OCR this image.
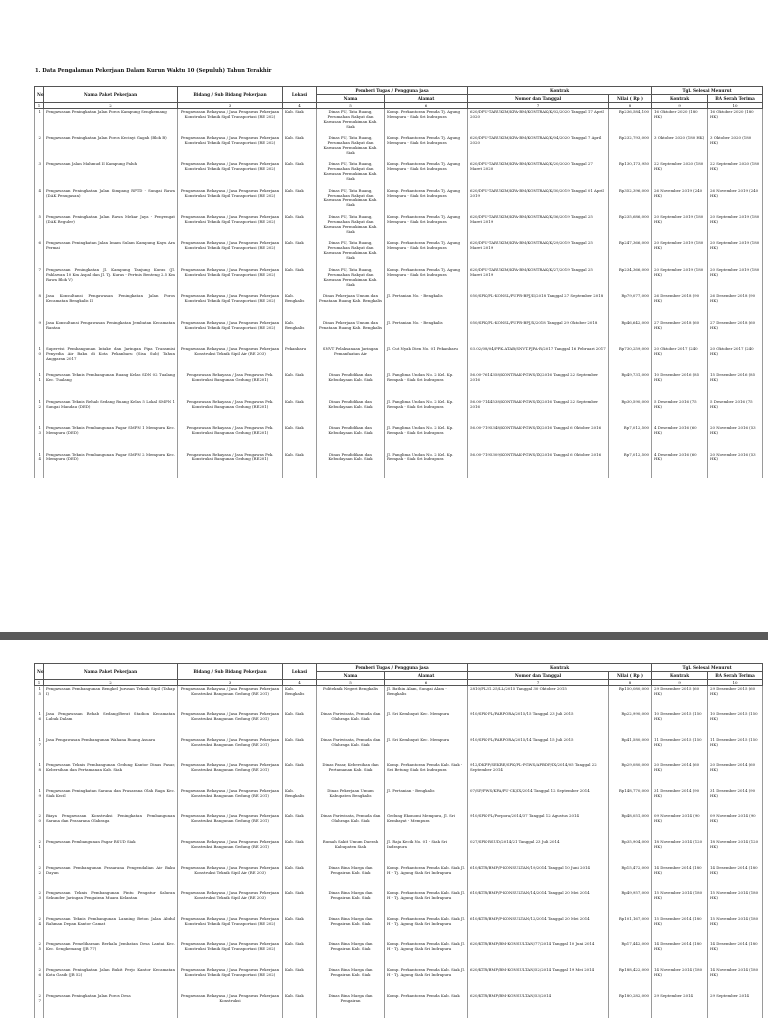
1. Data Pengalaman Pekerjaan Dalam Kurun Waktu 10 (Sepuluh) Tahun Terakhir
No	Nama Paket Pekerjaan	Bidang / Sub Bidang Pekerjaan	Lokasi	Pemberi Tugas / Pengguna jasa		Kontrak		Tgl. Selesai Menurut	
				Nama	Alamat	Nomor dan Tanggal	Nilai ( Rp )	Kontrak	BA Serah Terima
1	2	3	4	5	6	7	8	9	10
1	Pengawasan Peningkatan Jalan Poros Kampung Sengkemang	Pengawasan Rekayasa / Jasa Pengawas Pekerjaan Konstruksi Teknik Sipil Transportasi (RE 202)	Kab. Siak	Dinas PU, Tata Ruang, Perumahan Rakyat dan Kawasan Permukiman Kab. Siak	Komp. Perkantoran Pemda Tj. Agung Mempura - Siak Sri Indrapura	620/DPU-TARUKIM/KPA-BM/KONTRAK/K/02/2020 Tanggal 17 April 2020	Rp236,584,100	16 Oktober 2020 (180 HK)	16 Oktober 2020 (180 HK)
2	Pengawasan Peningkatan Jalan Poros Kecinyi Gagah (Blok B)	Pengawasan Rekayasa / Jasa Pengawas Pekerjaan Konstruksi Teknik Sipil Transportasi (RE 202)	Kab. Siak	Dinas PU, Tata Ruang, Perumahan Rakyat dan Kawasan Permukiman Kab. Siak	Komp. Perkantoran Pemda Tj. Agung Mempura - Siak Sri Indrapura	620/DPU-TARUKIM/KPA-BM/KONTRAK/K/04/2020 Tanggal 7 April 2020	Rp232,793,000	3 Oktober 2020 (180 HK)	3 Oktober 2020 (180 HK)
3	Pengawasan Jalan Mahmud II Kampung Paluh	Pengawasan Rekayasa / Jasa Pengawas Pekerjaan Konstruksi Teknik Sipil Transportasi (RE 202)	Kab. Siak	Dinas PU, Tata Ruang, Perumahan Rakyat dan Kawasan Permukiman Kab. Siak	Komp. Perkantoran Pemda Tj. Agung Mempura - Siak Sri Indrapura	620/DPU-TARUKIM/KPA-BM/KONTRAK/K/20/2020 Tanggal 27 Maret 2020	Rp130,173,950	22 September 2020 (180 HK)	22 September 2020 (180 HK)
4	Pengawasan Peningkatan Jalan Simpang RPTD - Sungai Rawa (DAK Penugasan)	Pengawasan Rekayasa / Jasa Pengawas Pekerjaan Konstruksi Teknik Sipil Transportasi (RE 202)	Kab. Siak	Dinas PU, Tata Ruang, Perumahan Rakyat dan Kawasan Permukiman Kab. Siak	Komp. Perkantoran Pemda Tj. Agung Mempura - Siak Sri Indrapura	620/DPU-TARUKIM/KPA-BM/KONTRAK/K/30/2019 Tanggal 01 April 2019	Rp352,396,000	26 November 2019 (240 HK)	26 November 2019 (240 HK)
5	Pengawasan Peningkatan Jalan Rawa Mekar Jaya - Penyengat (DAK Reguler)	Pengawasan Rekayasa / Jasa Pengawas Pekerjaan Konstruksi Teknik Sipil Transportasi (RE 202)	Kab. Siak	Dinas PU, Tata Ruang, Perumahan Rakyat dan Kawasan Permukiman Kab. Siak	Komp. Perkantoran Pemda Tj. Agung Mempura - Siak Sri Indrapura	620/DPU-TARUKIM/KPA-BM/KONTRAK/K/36/2019 Tanggal 25 Maret 2019	Rp235,686,000	20 September 2019 (180 HK)	20 September 2019 (180 HK)
6	Pengawasan Peningkatan Jalan Imam Sulam Kampung Kayu Ara Permai	Pengawasan Rekayasa / Jasa Pengawas Pekerjaan Konstruksi Teknik Sipil Transportasi (RE 202)	Kab. Siak	Dinas PU, Tata Ruang, Perumahan Rakyat dan Kawasan Permukiman Kab. Siak	Komp. Perkantoran Pemda Tj. Agung Mempura - Siak Sri Indrapura	620/DPU-TARUKIM/KPA-BM/KONTRAK/K/29/2019 Tanggal 25 Maret 2019	Rp247,366,000	20 September 2019 (180 HK)	20 September 2019 (180 HK)
7	Pengawasan Peningkatan Jl. Kampung Tanjung Kuras (Jl. Pahlawan 10 Km Aspal dan Jl. Tj. Kuras - Pertnis Benteng 2.5 Km Rawa Blok V)	Pengawasan Rekayasa / Jasa Pengawas Pekerjaan Konstruksi Teknik Sipil Transportasi (RE 202)	Kab. Siak	Dinas PU, Tata Ruang, Perumahan Rakyat dan Kawasan Permukiman Kab. Siak	Komp. Perkantoran Pemda Tj. Agung Mempura - Siak Sri Indrapura	620/DPU-TARUKIM/KPA-BM/KONTRAK/K/27/2019 Tanggal 25 Maret 2019	Rp234,366,000	20 September 2019 (180 HK)	20 September 2019 (180 HK)
8	Jasa Konsultansi Pengawasan Peningkatan Jalan Poros Kecamatan Bengkalis II	Pengawasan Rekayasa / Jasa Pengawas Pekerjaan Konstruksi Teknik Sipil Transportasi (RE 202)	Kab. Bengkalis	Dinas Pekerjaan Umum dan Penataan Ruang Kab. Bengkalis	Jl. Pertanian No. - Bengkalis	050/SPK/PL-KONSL/PUPR-BPJ/II/2018 Tanggal 27 September 2018	Rp79,077,000	26 Desember 2018 (90 HK)	26 Desember 2018 (90 HK)
9	Jasa Konsultansi Pengawasan Peningkatan Jembatan Kecamatan Rantau	Pengawasan Rekayasa / Jasa Pengawas Pekerjaan Konstruksi Teknik Sipil Transportasi (RE 202)	Kab. Bengkalis	Dinas Pekerjaan Umum dan Penataan Ruang Kab. Bengkalis	Jl. Pertanian No. - Bengkalis	050/SPK/PL-KONSL/PUPR-BPJ/X/2018 Tanggal 29 Oktober 2018	Rp46,642,000	27 Desember 2018 (60 HK)	27 Desember 2018 (60 HK)
10	Supervisi Pembangunan Intake dan Jaringan Pipa Transmisi Penyedia Air Baku di Kota Pekanbaru (Sisa Sub) Tahun Anggaran 2017	Pengawasan Rekayasa / Jasa Pengawas Pekerjaan Konstruksi Teknik Sipil Air (RE 203)	Pekanbaru	SNVT Pelaksanaan Jaringan Pemanfaatan Air	Jl. Cut Nyak Dien No. 01 Pekanbaru	03.02/08/04/PPK.ATAB/SNVT.PJPA-R/2017 Tanggal 16 Februari 2017	Rp730,259,000	20 Oktober 2017 (240 HK)	20 Oktober 2017 (240 HK)
11	Pengawasan Teknis Pembangunan Ruang Kelas SDN 02 Tualang Kec. Tualang	Pengawasan Rekayasa / Jasa Pengawas Pek. Konstruksi Bangunan Gedung (RE201)	Kab. Siak	Dinas Pendidikan dan Kebudayaan Kab. Siak	Jl. Panglima Undan No. 2 Kel. Kp. Rempak - Siak Sri Indrapura	56.00-7614358/KONTRAK-PGWS/IX/2016 Tanggal 22 September 2016	Rp49,731,000	10 Desember 2016 (85 HK)	15 Desember 2016 (85 HK)
12	Pengawasan Teknis Rehab Sedang Ruang Kelas 5 Lokal SMPN 1 Sungai Mandau (DED)	Pengawasan Rekayasa / Jasa Pengawas Pek. Konstruksi Bangunan Gedung (RE201)	Kab. Siak	Dinas Pendidikan dan Kebudayaan Kab. Siak	Jl. Panglima Undan No. 2 Kel. Kp. Rempak - Siak Sri Indrapura	56.00-7144538/KONTRAK-PGWS/IX/2016 Tanggal 22 September 2016	Rp30,590,000	5 Desember 2016 (75 HK)	5 Desember 2016 (75 HK)
13	Pengawasan Teknis Pembangunan Pagar SMPN 1 Mempura Kec. Mempura (DED)	Pengawasan Rekayasa / Jasa Pengawas Pek. Konstruksi Bangunan Gedung (RE201)	Kab. Siak	Dinas Pendidikan dan Kebudayaan Kab. Siak	Jl. Panglima Undan No. 2 Kel. Kp. Rempak - Siak Sri Indrapura	56.00-7195348/KONTRAK-PGWS/IX/2016 Tanggal 6 Oktober 2016	Rp7,012,500	4 Desember 2016 (60 HK)	20 November 2016 (53 HK)
14	Pengawasan Teknis Pembangunan Pagar SMPN 2 Mempura Kec. Mempura (DED)	Pengawasan Rekayasa / Jasa Pengawas Pek. Konstruksi Bangunan Gedung (RE201)	Kab. Siak	Dinas Pendidikan dan Kebudayaan Kab. Siak	Jl. Panglima Undan No. 2 Kel. Kp. Rempak - Siak Sri Indrapura	56.00-7195309/KONTRAK-PGWS/IX/2016 Tanggal 6 Oktober 2016	Rp7,012,500	4 Desember 2016 (60 HK)	20 November 2016 (53 HK)
No	Nama Paket Pekerjaan	Bidang / Sub Bidang Pekerjaan	Lokasi	Pemberi Tugas / Pengguna jasa		Kontrak		Tgl. Selesai Menurut	
				Nama	Alamat	Nomor dan Tanggal	Nilai ( Rp )	Kontrak	BA Serah Terima
1	2	3	4	5	6	7	8	9	10
15	Pengawasan Pembangunan Bengkel Jurusan Teknik Sipil (Tahap I)	Pengawasan Rekayasa / Jasa Pengawas Pekerjaan Konstruksi Bangunan Gedung (RE 201)	Kab. Bengkalis	Politeknik Negeri Bengkalis	Jl. Bathin Alam, Sungai Alam - Bengkalis	2810/PL31.25/LL/2015 Tanggal 30 Oktober 2015	Rp150,080,000	29 Desember 2015 (60 HK)	29 Desember 2015 (60 HK)
16	Jasa Pengawasan Rehab Sedang/Berat Stadion Kecamatan Lubuk Dalam	Pengawasan Rekayasa / Jasa Pengawas Pekerjaan Konstruksi Bangunan Gedung (RE 201)	Kab. Siak	Dinas Pariwisata, Pemuda dan Olahraga Kab. Siak	Jl. Sri Kembayat Kec. Mempura	910/SPK-PL/PARPORA/2015/15 Tanggal 23 Juli 2015	Rp22,990,000	10 Desember 2015 (150 HK)	10 Desember 2015 (150 HK)
17	Jasa Pengawasan Pembangunan Wahana Ruang Asuara	Pengawasan Rekayasa / Jasa Pengawas Pekerjaan Konstruksi Bangunan Gedung (RE 201)	Kab. Siak	Dinas Pariwisata, Pemuda dan Olahraga Kab. Siak	Jl. Sri Kembayat Kec. Mempura	910/SPK-PL/PARPORA/2015/14 Tanggal 15 Juli 2015	Rp41,580,000	11 Desember 2015 (150 HK)	11 Desember 2015 (150 HK)
18	Pengawasan Teknis Pembangunan Gedung Kantor Dinas Pasar, Kebersihan dan Pertamanan Kab. Siak	Pengawasan Rekayasa / Jasa Pengawas Pekerjaan Konstruksi Bangunan Gedung (RE 201)	Kab. Siak	Dinas Pasar, Kebersihan dan Pertamanan Kab. Siak	Komp. Perkantoran Pemda Kab. Siak - Sei Betung Siak Sri Indrapura	912/DKPP/SEKRE/SPK/PL-PGWS/APBDP/IX/2014/05 Tanggal 22 September 2014	Rp29,080,000	20 Desember 2014 (60 HK)	20 Desember 2014 (60 HK)
19	Pengawasan Peningkatan Sarana dan Prasarana Olah Raga Kec. Siak Kecil	Pengawasan Rekayasa / Jasa Pengawas Pekerjaan Konstruksi Bangunan Gedung (RE 201)	Kab. Bengkalis	Dinas Pekerjaan Umum Kabupaten Bengkalis	Jl. Pertanian - Bengkalis	07/SP/PWS/KPA/PU-CK/IX/2014 Tanggal 12 September 2014	Rp148,770,000	31 Desember 2014 (90 HK)	31 Desember 2014 (90 HK)
20	Biaya Pengawasan Konstruksi Peningkatan Pembangunan Sarana dan Prasarana Olahraga	Pengawasan Rekayasa / Jasa Pengawas Pekerjaan Konstruksi Bangunan Gedung (RE 201)	Kab. Siak	Dinas Pariwisata, Pemuda dan Olahraga Kab. Siak	Gedung Ekonomi Mempura, Jl. Sri Kembayat - Mempura	910/SPK-PL/Porpora/2014/37 Tanggal 12 Agustus 2014	Rp48,051,000	09 November 2014 (90 HK)	09 November 2014 (90 HK)
21	Pengawasan Pembangunan Pagar RSUD Siak	Pengawasan Rekayasa / Jasa Pengawas Pekerjaan Konstruksi Bangunan Gedung (RE 201)	Kab. Siak	Rumah Sakit Umum Daerah Kabupaten Siak	Jl. Raja Kecik No. 01 - Siak Sri Indrapura	027/SPK-RSUD/2014/21 Tanggal 23 Juli 2014	Rp35,904,000	18 November 2014 (120 HK)	18 November 2014 (120 HK)
22	Pengawasan Pembangunan Prasarana Pengendalian Air Baku Dayun	Pengawasan Rekayasa / Jasa Pengawas Pekerjaan Konstruksi Teknik Sipil Air (RE 203)	Kab. Siak	Dinas Bina Marga dan Pengairan Kab. Siak	Komp. Perkantoran Pemda Kab. Siak Jl. H - Tj. Agung Siak Sri Indrapura	610/KTR/BMP/P-KONSULTAN/19/2014 Tanggal 10 Juni 2014	Rp15,472,000	14 Desember 2014 (180 HK)	14 Desember 2014 (180 HK)
23	Pengawasan Teknis Pembangunan Pintu Pengatur Saluran Sekunder Jaringan Pengairan Muara Kelantan	Pengawasan Rekayasa / Jasa Pengawas Pekerjaan Konstruksi Teknik Sipil Air (RE 203)	Kab. Siak	Dinas Bina Marga dan Pengairan Kab. Siak	Komp. Perkantoran Pemda Kab. Siak Jl. H - Tj. Agung Siak Sri Indrapura	610/KTR/BMP/P-KONSULTAN/14/2014 Tanggal 20 Mei 2014	Rp49,957,000	15 November 2014 (180 HK)	15 November 2014 (180 HK)
24	Pengawasan Teknis Pembangunan Lanning Beton Jalan Abdul Rahman Depan Kantor Camat	Pengawasan Rekayasa / Jasa Pengawas Pekerjaan Konstruksi Teknik Sipil Transportasi (RE 202)	Kab. Siak	Dinas Bina Marga dan Pengairan Kab. Siak	Komp. Perkantoran Pemda Kab. Siak Jl. H - Tj. Agung Siak Sri Indrapura	610/KTR/BMP/P-KONSULTAN/12/2014 Tanggal 20 Mei 2014	Rp101,167,000	15 Desember 2014 (180 HK)	15 November 2014 (180 HK)
25	Pengawasan Pemeliharaan Berkala Jembatan Desa Lantai Kec. Kec. Sengkemang (JB 77)	Pengawasan Rekayasa / Jasa Pengawas Pekerjaan Konstruksi Teknik Sipil Transportasi (RE 202)	Kab. Siak	Dinas Bina Marga dan Pengairan Kab. Siak	Komp. Perkantoran Pemda Kab. Siak Jl. H - Tj. Agung Siak Sri Indrapura	620/KTR/BMP/BM-KONSULTAN/77/2014 Tanggal 10 Juni 2014	Rp17,442,000	14 Desember 2014 (180 HK)	14 Desember 2014 (180 HK)
26	Pengawasan Peningkatan Jalan Bukit Perjo Kantor Kecamatan Kota Gasib (JB 52)	Pengawasan Rekayasa / Jasa Pengawas Pekerjaan Konstruksi Teknik Sipil Transportasi (RE 202)	Kab. Siak	Dinas Bina Marga dan Pengairan Kab. Siak	Komp. Perkantoran Pemda Kab. Siak Jl. H - Tj. Agung Siak Sri Indrapura	620/KTR/BMP/BM-KONSULTAN/52/2014 Tanggal 19 Mei 2014	Rp188,422,000	14 November 2014 (180 HK)	14 November 2014 (180 HK)
27	Pengawasan Peningkatan Jalan Poros Desa	Pengawasan Rekayasa / Jasa Pengawas Pekerjaan Konstruksi	Kab. Siak	Dinas Bina Marga dan Pengairan	Komp. Perkantoran Pemda Kab. Siak	620/KTR/BMP/BM-KONSULTAN/53/2014	Rp180,282,000	29 September 2014	29 September 2014
